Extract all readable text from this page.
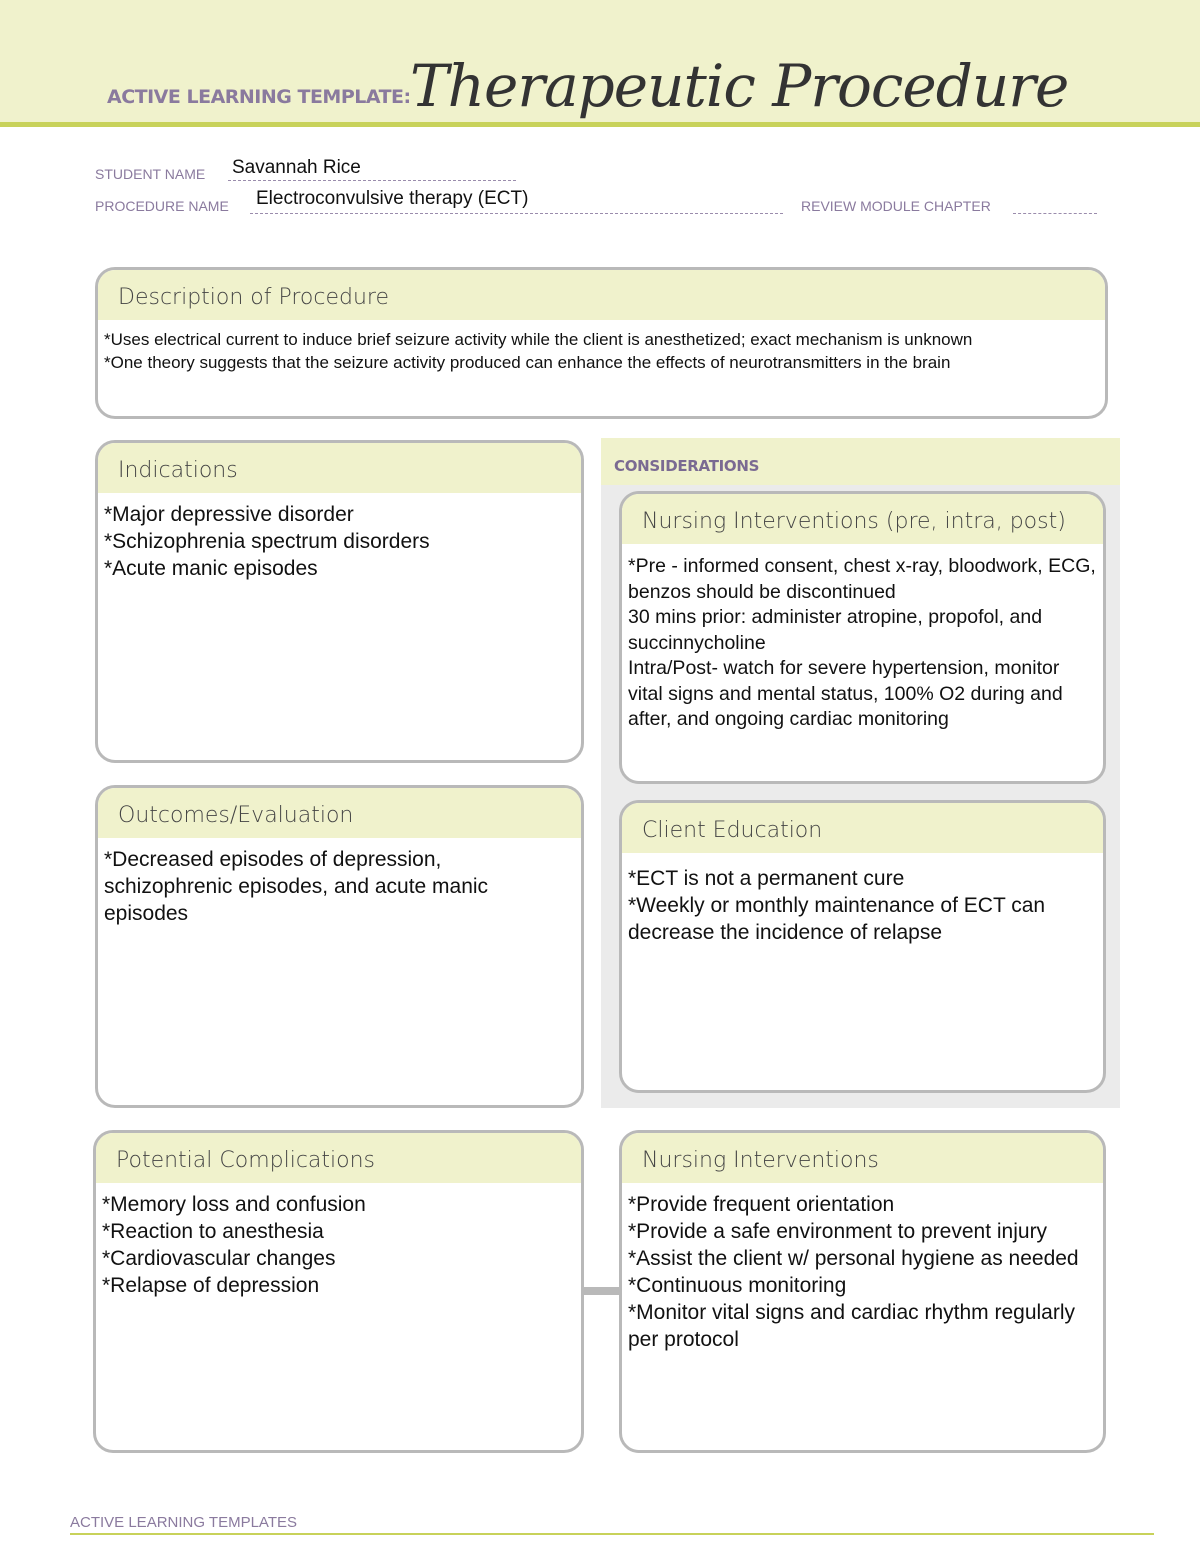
ACTIVE LEARNING TEMPLATE: Therapeutic Procedure
STUDENT NAME Savannah Rice
PROCEDURE NAME Electroconvulsive therapy (ECT)	REVIEW MODULE CHAPTER
Description of Procedure
*Uses electrical current to induce brief seizure activity while the client is anesthetized; exact mechanism is unknown
*One theory suggests that the seizure activity produced can enhance the effects of neurotransmitters in the brain
Indications
*Major depressive disorder
*Schizophrenia spectrum disorders
*Acute manic episodes
Outcomes/Evaluation
*Decreased episodes of depression, schizophrenic episodes, and acute manic episodes
CONSIDERATIONS
Nursing Interventions (pre, intra, post)
*Pre - informed consent, chest x-ray, bloodwork, ECG, benzos should be discontinued
30 mins prior: administer atropine, propofol, and succinnycholine
Intra/Post- watch for severe hypertension, monitor vital signs and mental status, 100% O2 during and after, and ongoing cardiac monitoring
Client Education
*ECT is not a permanent cure
*Weekly or monthly maintenance of ECT can decrease the incidence of relapse
Potential Complications
*Memory loss and confusion
*Reaction to anesthesia
*Cardiovascular changes
*Relapse of depression
Nursing Interventions
*Provide frequent orientation
*Provide a safe environment to prevent injury
*Assist the client w/ personal hygiene as needed
*Continuous monitoring
*Monitor vital signs and cardiac rhythm regularly per protocol
ACTIVE LEARNING TEMPLATES
